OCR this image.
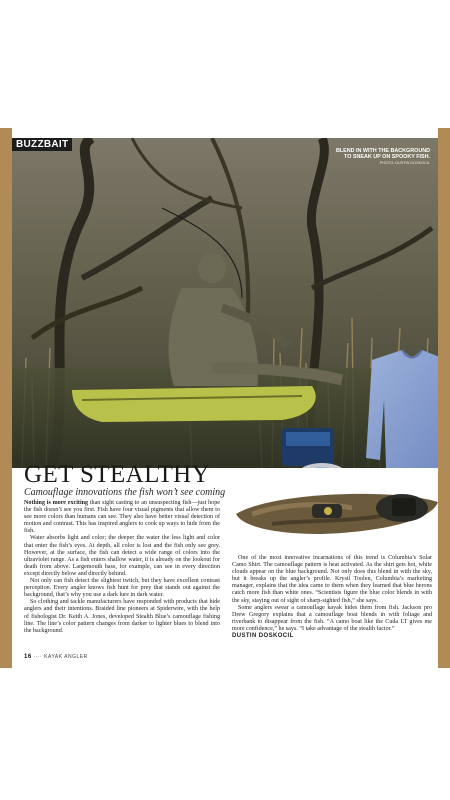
BLEND IN WITH THE BACKGROUND TO SNEAK UP ON SPOOKY FISH.
PHOTO: DUSTIN DOSKOCIL
BUZZBAIT
GET STEALTHY

Camouflage innovations the fish won’t see coming

Nothing is more exciting than sight casting to an unsuspecting fish—just hope the fish doesn’t see you first. Fish have four visual pigments that allow them to see more colors than humans can see. They also have better visual detection of motion and contrast. This has inspired anglers to cook up ways to hide from the fish.

Water absorbs light and color; the deeper the water the less light and color that enter the fish’s eyes. At depth, all color is lost and the fish only see grey. However, at the surface, the fish can detect a wide range of colors into the ultraviolet range. As a fish enters shallow water, it is already on the lookout for death from above. Largemouth bass, for example, can see in every direction except directly below and directly behind.

Not only can fish detect the slightest twitch, but they have excellent contrast perception. Every angler knows fish hunt for prey that stands out against the background, that’s why you use a dark lure in dark water.

So clothing and tackle manufacturers have responded with products that hide anglers and their intentions. Braided line pioneers at Spiderwire, with the help of fishologist Dr. Keith A. Jones, developed Stealth Blue’s camouflage fishing line. The line’s color pattern changes from darker to lighter blues to blend into the background.

One of the most innovative incarnations of this trend is Columbia’s Solar Camo Shirt. The camouflage pattern is heat activated. As the shirt gets hot, white clouds appear on the blue background. Not only does this blend in with the sky, but it breaks up the angler’s profile. Krystl Toolen, Columbia’s marketing manager, explains that the idea came to them when they learned that blue herons catch more fish than white ones. “Scientists figure the blue color blends in with the sky, staying out of sight of sharp-sighted fish,” she says.

Some anglers swear a camouflage kayak hides them from fish. Jackson pro Drew Gregory explains that a camouflage boat blends in with foliage and riverbank to disappear from the fish. “A camo boat like the Cuda LT gives me more confidence,” he says. “I take advantage of the stealth factor.”
DUSTIN DOSKOCIL

16 ···· KAYAK ANGLER
